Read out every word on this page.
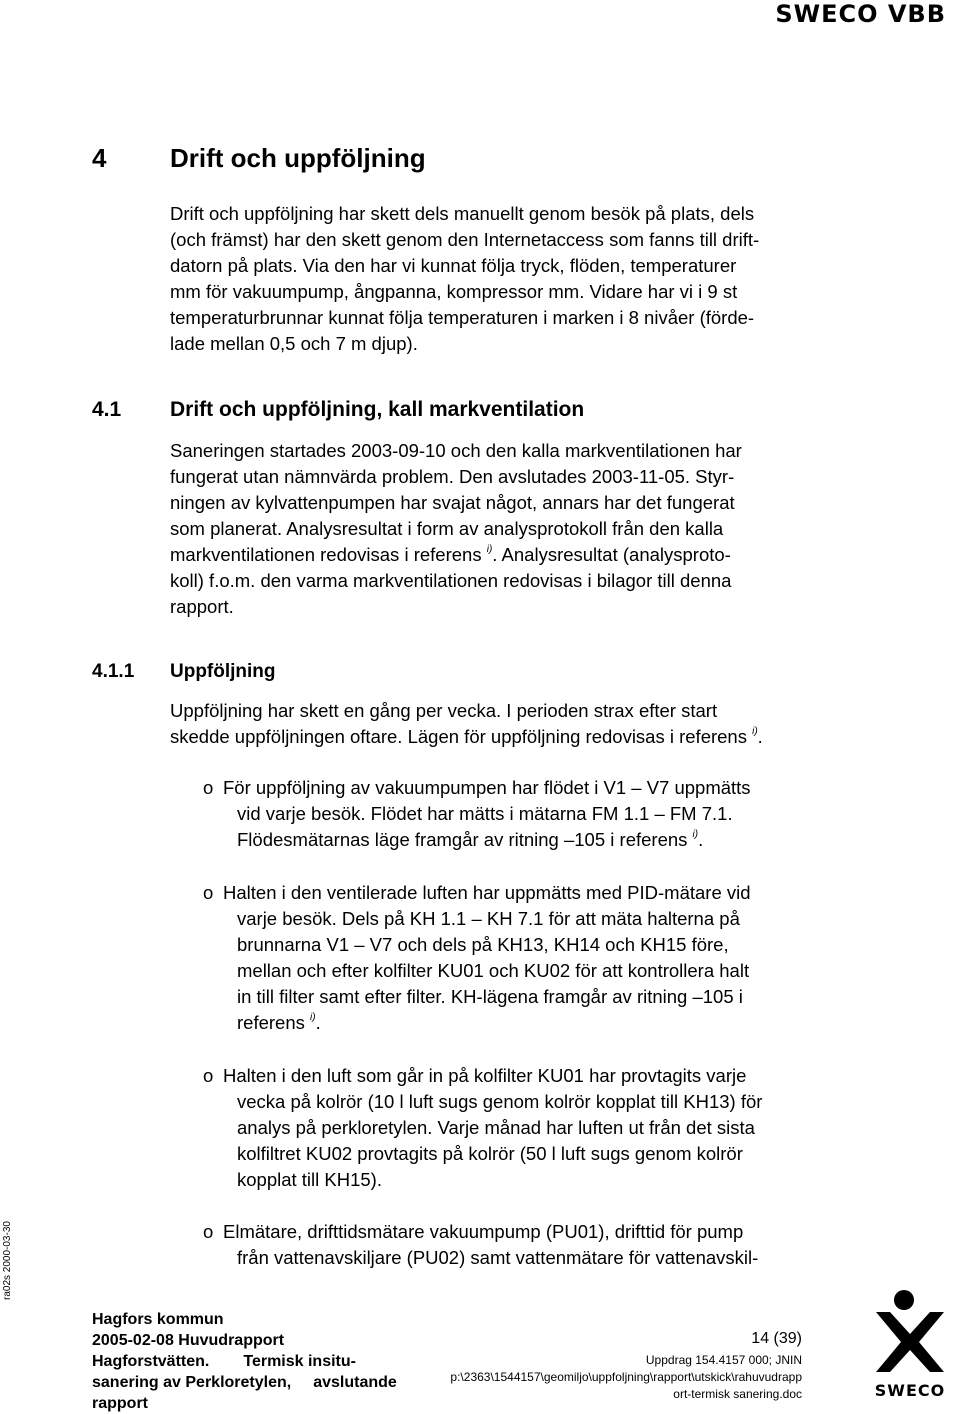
SWECO VBB
ra02s 2000-03-30
4 Drift och uppföljning
Drift och uppföljning har skett dels manuellt genom besök på plats, dels
(och främst) har den skett genom den Internetaccess som fanns till drift-
datorn på plats. Via den har vi kunnat följa tryck, flöden, temperaturer
mm för vakuumpump, ångpanna, kompressor mm. Vidare har vi i 9 st
temperaturbrunnar kunnat följa temperaturen i marken i 8 nivåer (förde-
lade mellan 0,5 och 7 m djup).
4.1 Drift och uppföljning, kall markventilation
Saneringen startades 2003-09-10 och den kalla markventilationen har
fungerat utan nämnvärda problem. Den avslutades 2003-11-05. Styr-
ningen av kylvattenpumpen har svajat något, annars har det fungerat
som planerat. Analysresultat i form av analysprotokoll från den kalla
markventilationen redovisas i referens $^{i)}$. Analysresultat (analysproto-
koll) f.o.m. den varma markventilationen redovisas i bilagor till denna
rapport.
4.1.1 Uppföljning
Uppföljning har skett en gång per vecka. I perioden strax efter start
skedde uppföljningen oftare. Lägen för uppföljning redovisas i referens $^{i)}$.
o För uppföljning av vakuumpumpen har flödet i V1 – V7 uppmätts
vid varje besök. Flödet har mätts i mätarna FM 1.1 – FM 7.1.
Flödesmätarnas läge framgår av ritning –105 i referens $^{i)}$.
o Halten i den ventilerade luften har uppmätts med PID-mätare vid
varje besök. Dels på KH 1.1 – KH 7.1 för att mäta halterna på
brunnarna V1 – V7 och dels på KH13, KH14 och KH15 före,
mellan och efter kolfilter KU01 och KU02 för att kontrollera halt
in till filter samt efter filter. KH-lägena framgår av ritning –105 i
referens $^{i)}$.
o Halten i den luft som går in på kolfilter KU01 har provtagits varje
vecka på kolrör (10 l luft sugs genom kolrör kopplat till KH13) för
analys på perkloretylen. Varje månad har luften ut från det sista
kolfiltret KU02 provtagits på kolrör (50 l luft sugs genom kolrör
kopplat till KH15).
o Elmätare, drifttidsmätare vakuumpump (PU01), drifttid för pump
från vattenavskiljare (PU02) samt vattenmätare för vattenavskil-
Hagfors kommun
2005-02-08 Huvudrapport
Hagforstvätten. Termisk insitu-
sanering av Perkloretylen, avslutande
rapport
14 (39)
Uppdrag 154.4157 000; JNIN
p:\2363\1544157\geomiljo\uppfoljning\rapport\utskick\rahuvudrapp
ort-termisk sanering.doc	SWECO
